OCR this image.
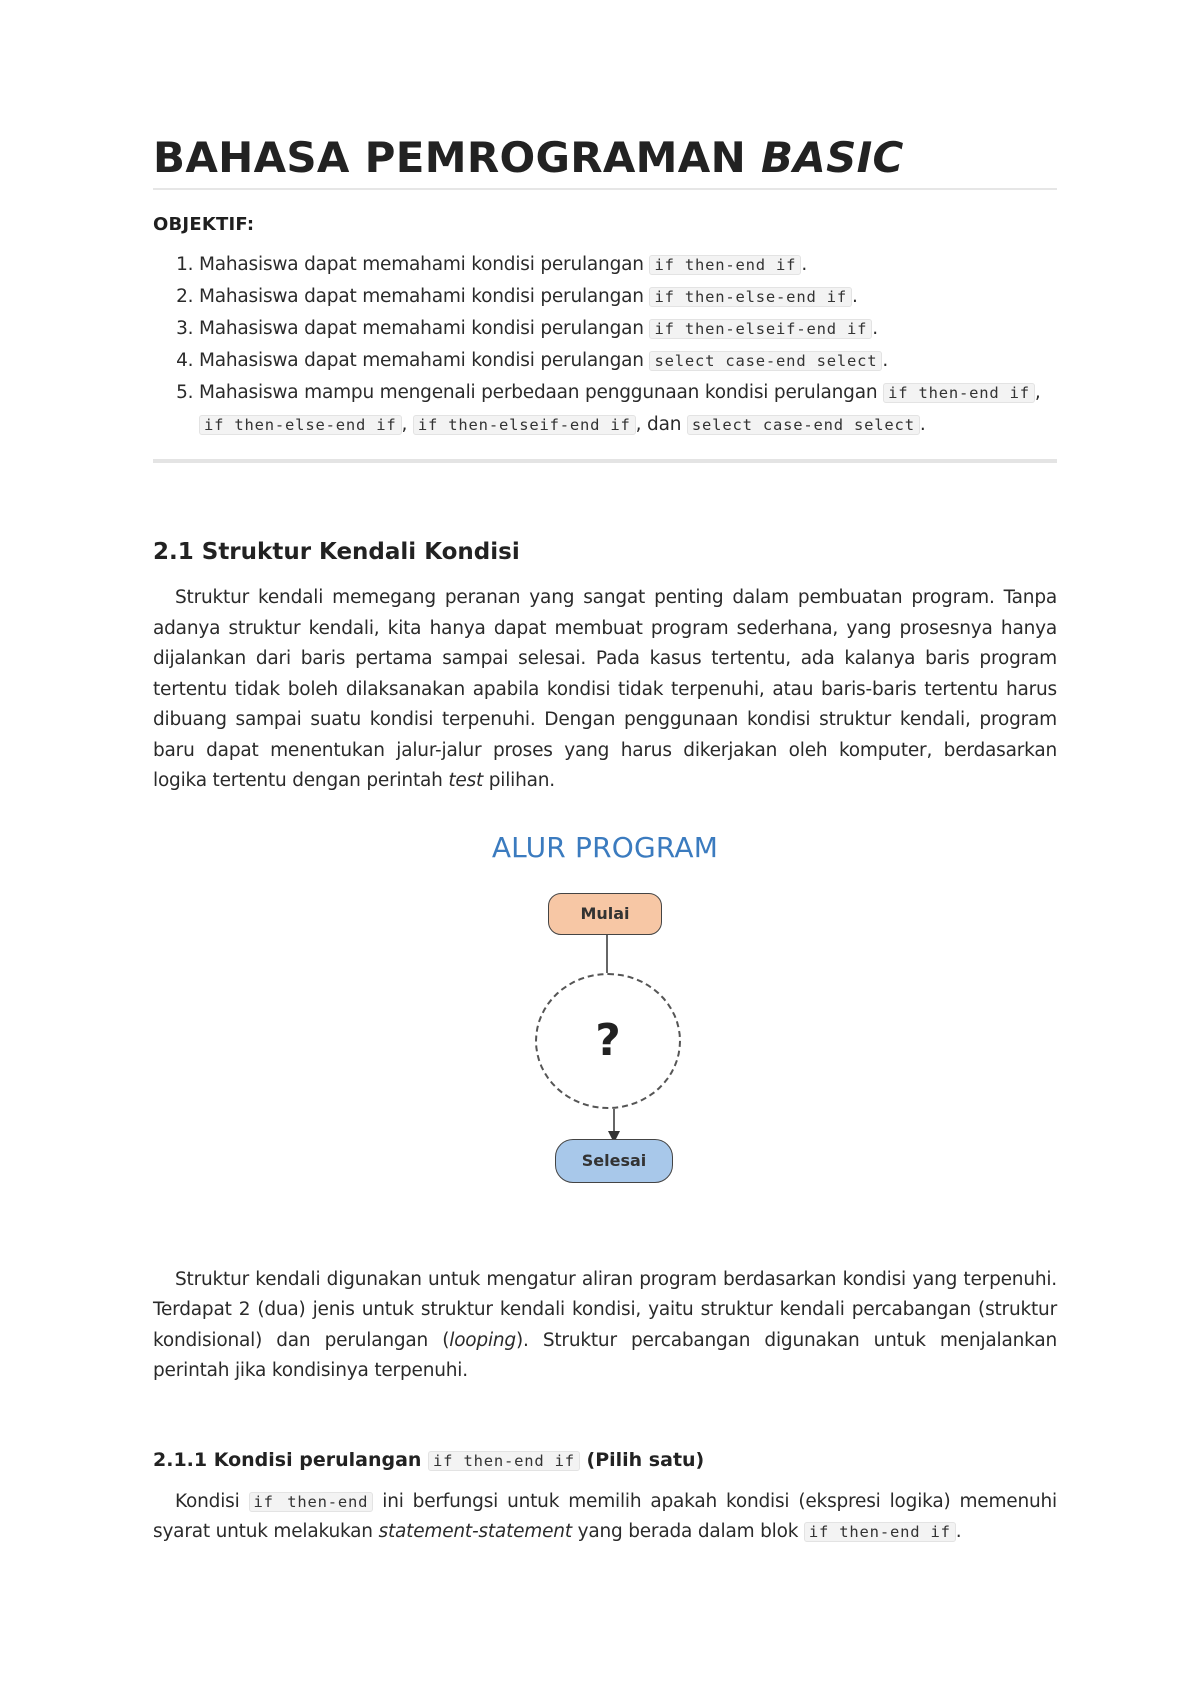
BAHASA PEMROGRAMAN BASIC
OBJEKTIF:
1. Mahasiswa dapat memahami kondisi perulangan if then-end if .
2. Mahasiswa dapat memahami kondisi perulangan if then-else-end if .
3. Mahasiswa dapat memahami kondisi perulangan if then-elseif-end if .
4. Mahasiswa dapat memahami kondisi perulangan select case-end select .
5. Mahasiswa mampu mengenali perbedaan penggunaan kondisi perulangan if then-end if , if then-else-end if , if then-elseif-end if , dan select case-end select .
2.1 Struktur Kendali Kondisi

Struktur kendali memegang peranan yang sangat penting dalam pembuatan program. Tanpa adanya struktur kendali, kita hanya dapat membuat program sederhana, yang prosesnya hanya dijalankan dari baris pertama sampai selesai. Pada kasus tertentu, ada kalanya baris program tertentu tidak boleh dilaksanakan apabila kondisi tidak terpenuhi, atau baris-baris tertentu harus dibuang sampai suatu kondisi terpenuhi. Dengan penggunaan kondisi struktur kendali, program baru dapat menentukan jalur-jalur proses yang harus dikerjakan oleh komputer, berdasarkan logika tertentu dengan perintah test pilihan.

ALUR PROGRAM
Mulai
?
Selesai

Struktur kendali digunakan untuk mengatur aliran program berdasarkan kondisi yang terpenuhi. Terdapat 2 (dua) jenis untuk struktur kendali kondisi, yaitu struktur kendali percabangan (struktur kondisional) dan perulangan (looping). Struktur percabangan digunakan untuk menjalankan perintah jika kondisinya terpenuhi.

2.1.1 Kondisi perulangan if then-end if (Pilih satu)

Kondisi if then-end ini berfungsi untuk memilih apakah kondisi (ekspresi logika) memenuhi syarat untuk melakukan statement-statement yang berada dalam blok if then-end if .
